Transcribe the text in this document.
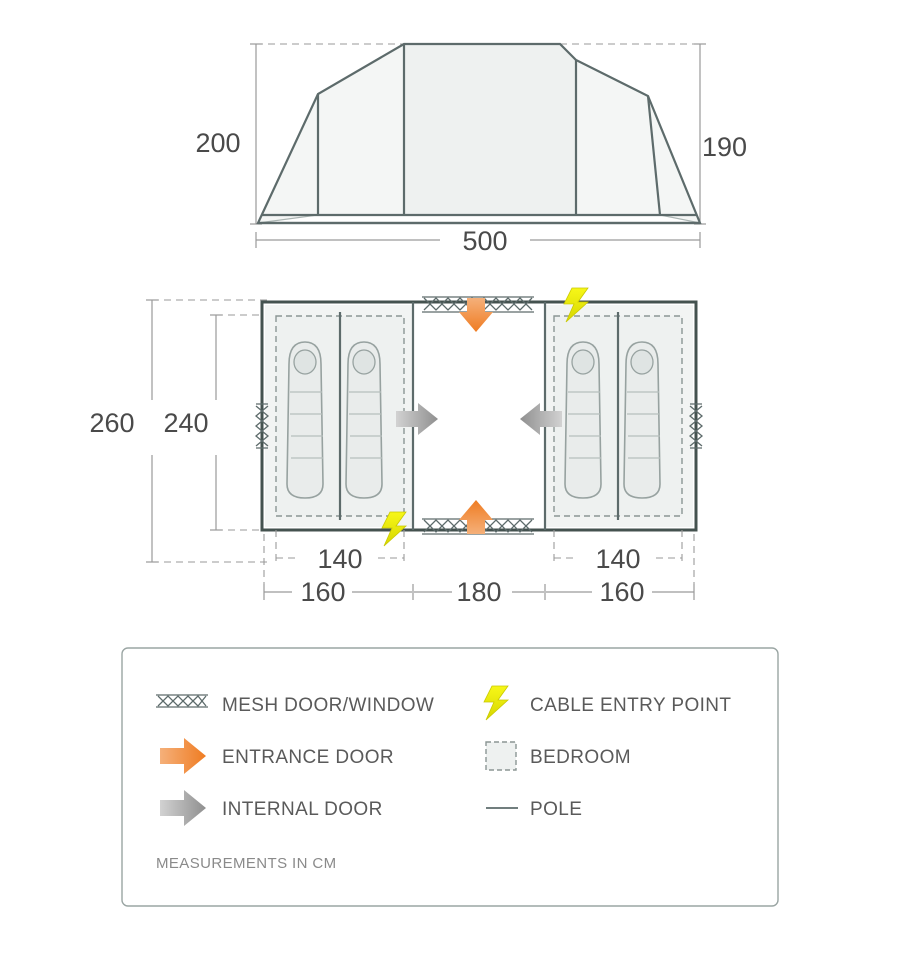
200	190
500
260 240
140	140
160	180	160
MESH DOOR/WINDOW	CABLE ENTRY POINT
ENTRANCE DOOR	BEDROOM
INTERNAL DOOR	POLE
MEASUREMENTS IN CM
